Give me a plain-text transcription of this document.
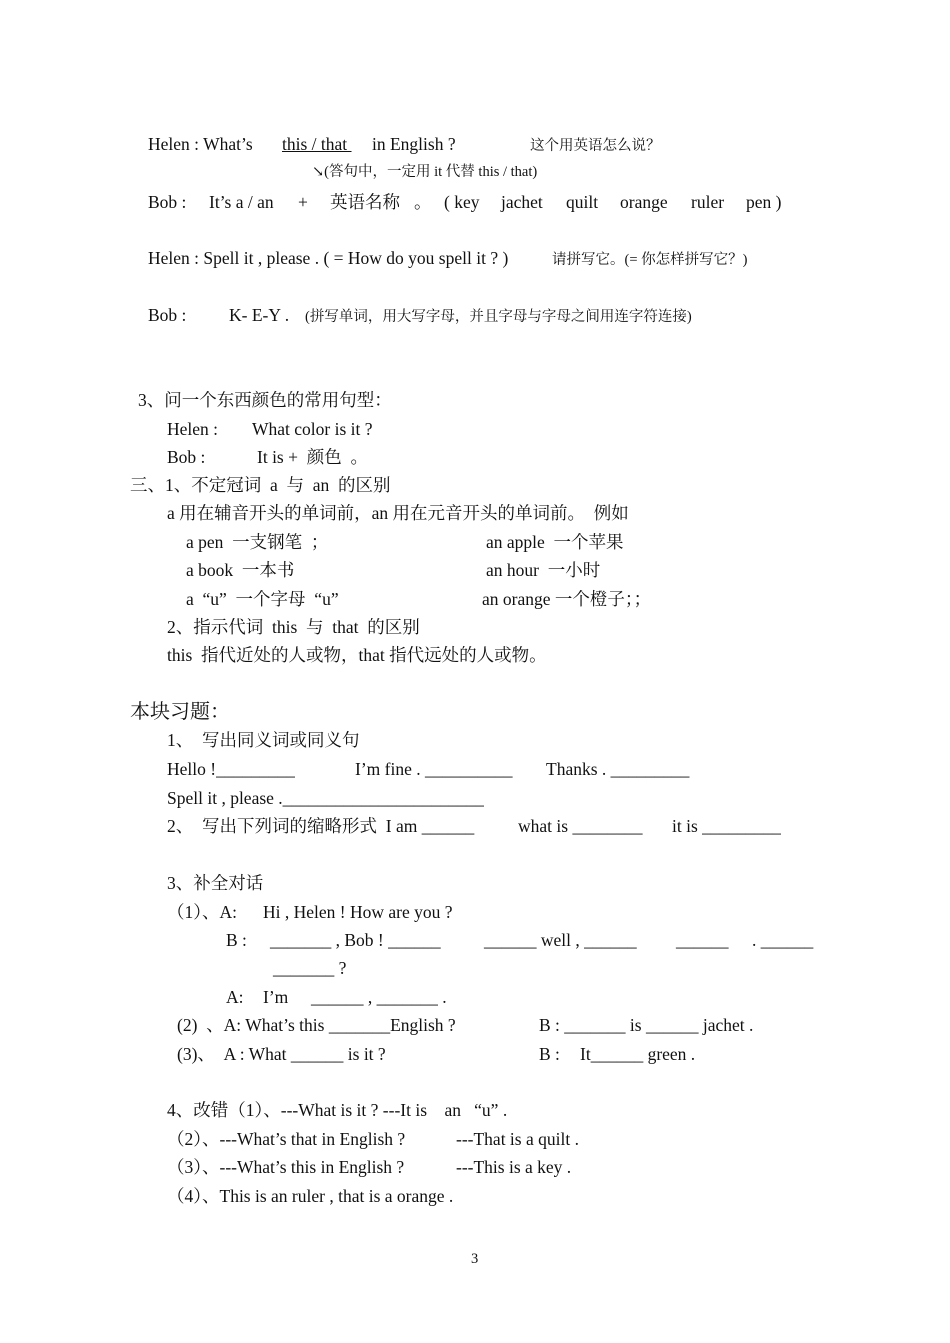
Helen : What’s this / that in English ?	这个用英语怎么说？
↘(答句中，一定用 it 代替 this / that)
Bob : It’s a / an + 英语名称 。 ( key jachet quilt orange ruler pen )
Helen : Spell it , please . ( = How do you spell it ? )	请拼写它。(= 你怎样拼写它？)
Bob : K- E-Y . (拼写单词，用大写字母，并且字母与字母之间用连字符连接)
3、问一个东西颜色的常用句型：
Helen : What color is it ?
Bob :	It is +  颜色  。
三、1、不定冠词  a  与  an  的区别
a 用在辅音开头的单词前，an 用在元音开头的单词前。  例如
a pen  一支钢笔  ；	an apple  一个苹果
a book  一本书	an hour  一小时
a  “u”  一个字母  “u”	an orange 一个橙子；；
2、指示代词  this  与  that  的区别
this  指代近处的人或物，that 指代远处的人或物。
本块习题：
1、  写出同义词或同义句
Hello !_________	I’m fine . __________ Thanks . _________
Spell it , please ._______________________
2、  写出下列词的缩略形式  I am ______	what is ________ it is _________
3、补全对话
（1）、A: Hi , Helen ! How are you ?
B : _______ , Bob ! ______ ______ well , ______ ______ . ______
_______ ?
A: I’m ______ , _______ .
(2)  、A: What’s this _______English ?	B : _______ is ______ jachet .
(3)、  A : What ______ is it ?	B : It______ green .
4、改错（1）、---What is it ? ---It is    an   “u” .
（2）、---What’s that in English ?	---That is a quilt .
（3）、---What’s this in English ?	---This is a key .
（4）、This is an ruler , that is a orange .
3
